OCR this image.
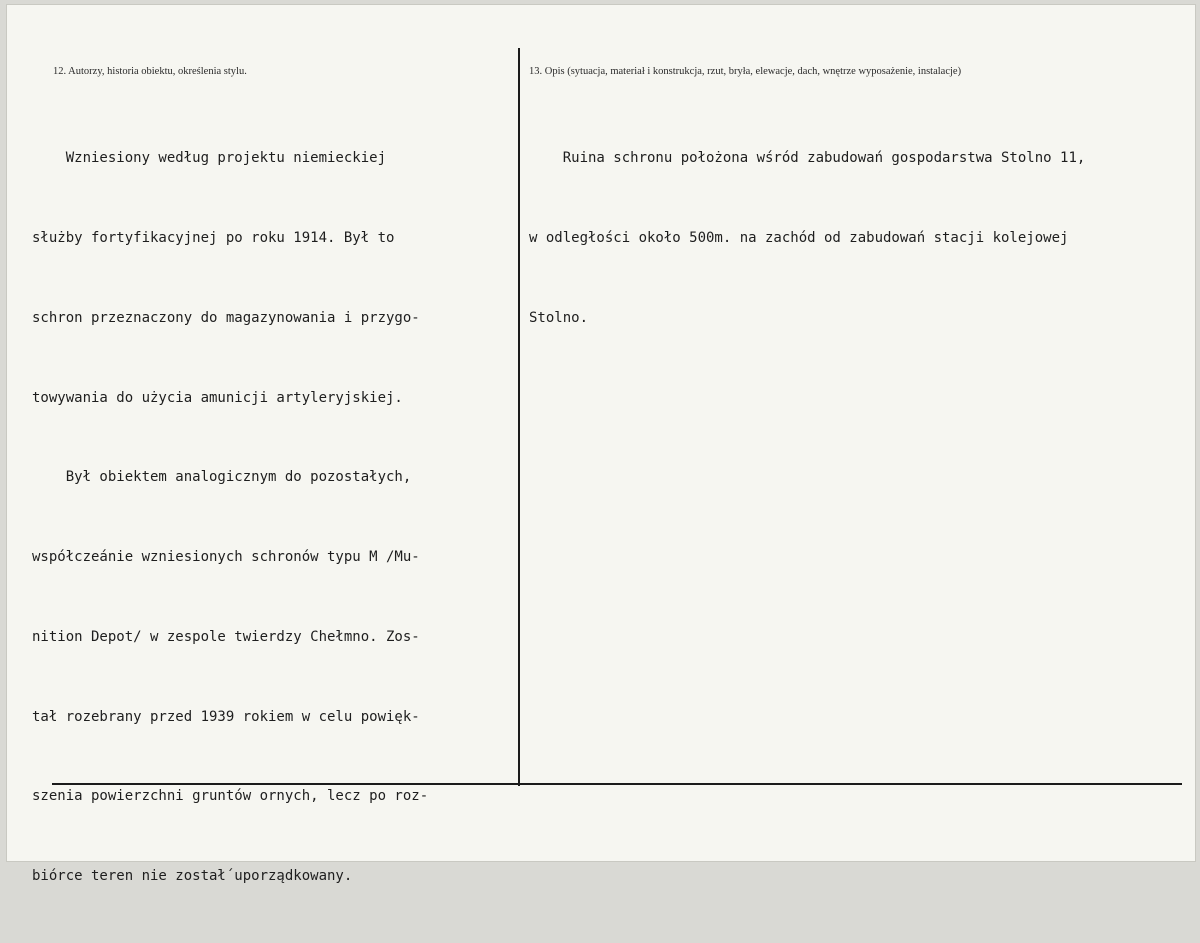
12. Autorzy, historia obiektu, określenia stylu.	13. Opis (sytuacja, materiał i konstrukcja, rzut, bryła, elewacje, dach, wnętrze wyposażenie, instalacje)

Wzniesiony według projektu niemieckiej

służby fortyfikacyjnej po roku 1914. Był to

schron przeznaczony do magazynowania i przygo-

towywania do użycia amunicji artyleryjskiej.

Był obiektem analogicznym do pozostałych,

współczeánie wzniesionych schronów typu M /Mu-

nition Depot/ w zespole twierdzy Chełmno. Zos-

tał rozebrany przed 1939 rokiem w celu powięk-

szenia powierzchni gruntów ornych, lecz po roz-

biórce teren nie został´uporządkowany.

Ruina schronu położona wśród zabudowań gospodarstwa Stolno 11,

w odległości około 500m. na zachód od zabudowań stacji kolejowej

Stolno.
